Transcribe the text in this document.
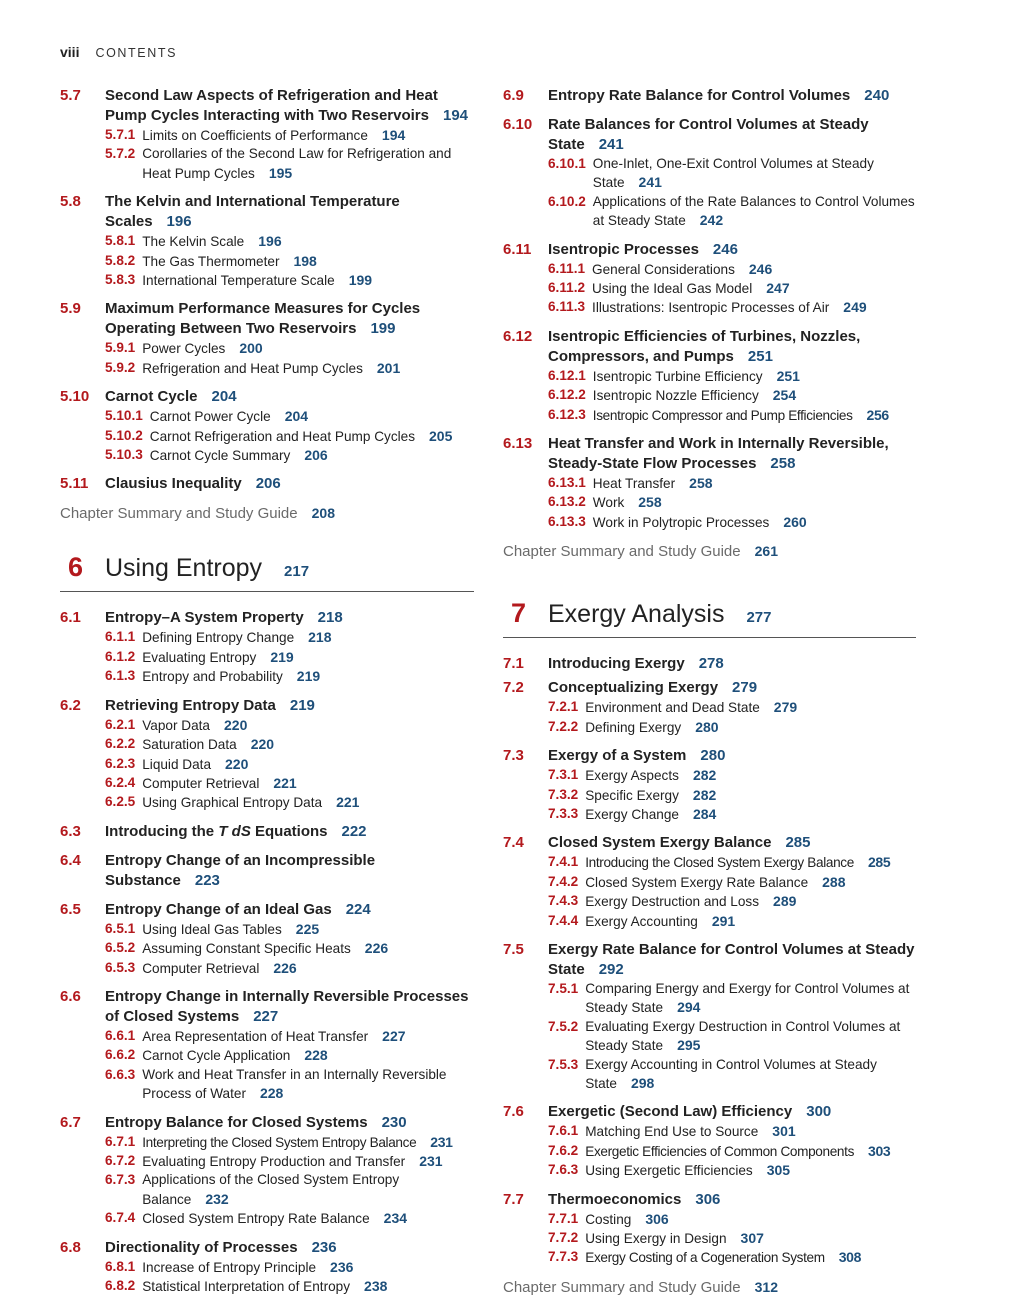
viii CONTENTS
5.7	Second Law Aspects of Refrigeration and Heat Pump Cycles Interacting with Two Reservoirs 194
5.7.1 Limits on Coefficients of Performance 194
5.7.2 Corollaries of the Second Law for Refrigeration and Heat Pump Cycles 195
5.8	The Kelvin and International Temperature Scales 196
5.8.1 The Kelvin Scale 196
5.8.2 The Gas Thermometer 198
5.8.3 International Temperature Scale 199
5.9	Maximum Performance Measures for Cycles Operating Between Two Reservoirs 199
5.9.1 Power Cycles 200
5.9.2 Refrigeration and Heat Pump Cycles 201
5.10	Carnot Cycle 204
5.10.1 Carnot Power Cycle 204
5.10.2 Carnot Refrigeration and Heat Pump Cycles 205
5.10.3 Carnot Cycle Summary 206
5.11	Clausius Inequality 206
Chapter Summary and Study Guide 208
6 Using Entropy 217
6.1	Entropy–A System Property 218
6.1.1 Defining Entropy Change 218
6.1.2 Evaluating Entropy 219
6.1.3 Entropy and Probability 219
6.2	Retrieving Entropy Data 219
6.2.1 Vapor Data 220
6.2.2 Saturation Data 220
6.2.3 Liquid Data 220
6.2.4 Computer Retrieval 221
6.2.5 Using Graphical Entropy Data 221
6.3	Introducing the T dS Equations 222
6.4	Entropy Change of an Incompressible Substance 223
6.5	Entropy Change of an Ideal Gas 224
6.5.1 Using Ideal Gas Tables 225
6.5.2 Assuming Constant Specific Heats 226
6.5.3 Computer Retrieval 226
6.6	Entropy Change in Internally Reversible Processes of Closed Systems 227
6.6.1 Area Representation of Heat Transfer 227
6.6.2 Carnot Cycle Application 228
6.6.3 Work and Heat Transfer in an Internally Reversible Process of Water 228
6.7	Entropy Balance for Closed Systems 230
6.7.1 Interpreting the Closed System Entropy Balance 231
6.7.2 Evaluating Entropy Production and Transfer 231
6.7.3 Applications of the Closed System Entropy Balance 232
6.7.4 Closed System Entropy Rate Balance 234
6.8	Directionality of Processes 236
6.8.1 Increase of Entropy Principle 236
6.8.2 Statistical Interpretation of Entropy 238
6.9	Entropy Rate Balance for Control Volumes 240
6.10	Rate Balances for Control Volumes at Steady State 241
6.10.1 One-Inlet, One-Exit Control Volumes at Steady State 241
6.10.2 Applications of the Rate Balances to Control Volumes at Steady State 242
6.11	Isentropic Processes 246
6.11.1 General Considerations 246
6.11.2 Using the Ideal Gas Model 247
6.11.3 Illustrations: Isentropic Processes of Air 249
6.12	Isentropic Efficiencies of Turbines, Nozzles, Compressors, and Pumps 251
6.12.1 Isentropic Turbine Efficiency 251
6.12.2 Isentropic Nozzle Efficiency 254
6.12.3 Isentropic Compressor and Pump Efficiencies 256
6.13	Heat Transfer and Work in Internally Reversible, Steady-State Flow Processes 258
6.13.1 Heat Transfer 258
6.13.2 Work 258
6.13.3 Work in Polytropic Processes 260
Chapter Summary and Study Guide 261
7 Exergy Analysis 277
7.1	Introducing Exergy 278
7.2	Conceptualizing Exergy 279
7.2.1 Environment and Dead State 279
7.2.2 Defining Exergy 280
7.3	Exergy of a System 280
7.3.1 Exergy Aspects 282
7.3.2 Specific Exergy 282
7.3.3 Exergy Change 284
7.4	Closed System Exergy Balance 285
7.4.1 Introducing the Closed System Exergy Balance 285
7.4.2 Closed System Exergy Rate Balance 288
7.4.3 Exergy Destruction and Loss 289
7.4.4 Exergy Accounting 291
7.5	Exergy Rate Balance for Control Volumes at Steady State 292
7.5.1 Comparing Energy and Exergy for Control Volumes at Steady State 294
7.5.2 Evaluating Exergy Destruction in Control Volumes at Steady State 295
7.5.3 Exergy Accounting in Control Volumes at Steady State 298
7.6	Exergetic (Second Law) Efficiency 300
7.6.1 Matching End Use to Source 301
7.6.2 Exergetic Efficiencies of Common Components 303
7.6.3 Using Exergetic Efficiencies 305
7.7	Thermoeconomics 306
7.7.1 Costing 306
7.7.2 Using Exergy in Design 307
7.7.3 Exergy Costing of a Cogeneration System 308
Chapter Summary and Study Guide 312
